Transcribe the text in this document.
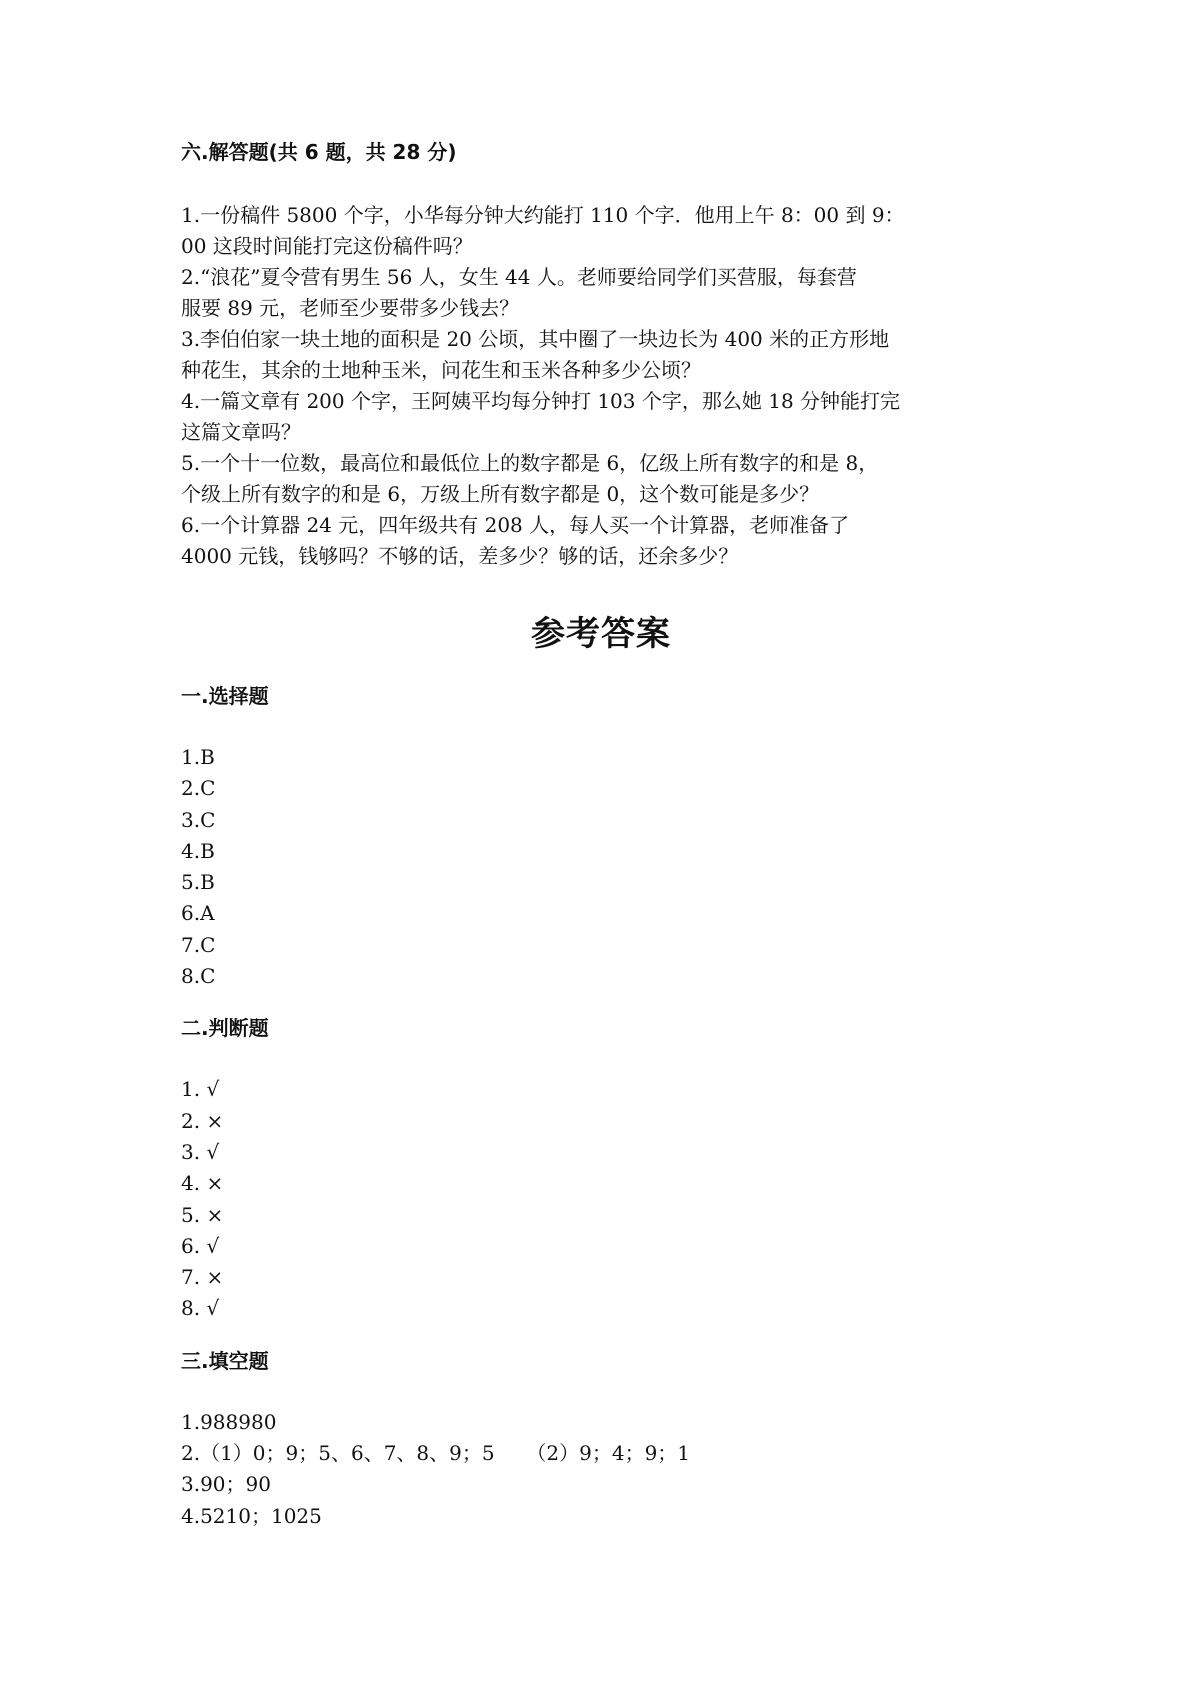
六.解答题(共 6 题，共 28 分)

1.一份稿件 5800 个字，小华每分钟大约能打 110 个字．他用上午 8：00 到 9：

00 这段时间能打完这份稿件吗？

2.“浪花”夏令营有男生 56 人，女生 44 人。老师要给同学们买营服，每套营

服要 89 元，老师至少要带多少钱去？

3.李伯伯家一块土地的面积是 20 公顷，其中圈了一块边长为 400 米的正方形地

种花生，其余的土地种玉米，问花生和玉米各种多少公顷？

4.一篇文章有 200 个字，王阿姨平均每分钟打 103 个字，那么她 18 分钟能打完

这篇文章吗？

5.一个十一位数，最高位和最低位上的数字都是 6，亿级上所有数字的和是 8，

个级上所有数字的和是 6，万级上所有数字都是 0，这个数可能是多少？

6.一个计算器 24 元，四年级共有 208 人，每人买一个计算器，老师准备了

4000 元钱，钱够吗？不够的话，差多少？够的话，还余多少？

参考答案
一.选择题

1.B

2.C

3.C

4.B

5.B

6.A

7.C

8.C

二.判断题

1. √

2. ×

3. √

4. ×

5. ×

6. √

7. ×

8. √

三.填空题

1.988980

2.（1）0；9；5、6、7、8、9；5     （2）9；4；9；1

3.90；90

4.5210；1025
